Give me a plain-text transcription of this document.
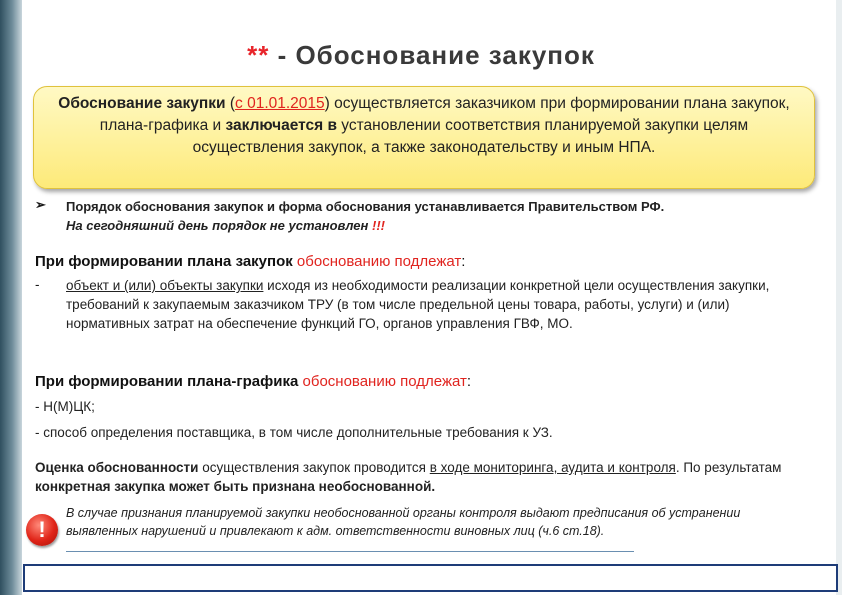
** - Обоснование закупок
Обоснование закупки (с 01.01.2015) осуществляется заказчиком при формировании плана закупок, плана-графика и заключается в установлении соответствия планируемой закупки целям осуществления закупок, а также законодательству и иным НПА.
➢ Порядок обоснования закупок и форма обоснования устанавливается Правительством РФ.
На сегодняшний день порядок не установлен !!!
При формировании плана закупок обоснованию подлежат:
- объект и (или) объекты закупки исходя из необходимости реализации конкретной цели осуществления закупки, требований к закупаемым заказчиком ТРУ (в том числе предельной цены товара, работы, услуги) и (или) нормативных затрат на обеспечение функций ГО, органов управления ГВФ, МО.
При формировании плана-графика обоснованию подлежат:
- Н(М)ЦК;
- способ определения поставщика, в том числе дополнительные требования к УЗ.
Оценка обоснованности осуществления закупок проводится в ходе мониторинга, аудита и контроля. По результатам конкретная закупка может быть признана необоснованной.
!
В случае признания планируемой закупки необоснованной органы контроля выдают предписания об устранении выявленных нарушений и привлекают к адм. ответственности виновных лиц (ч.6 ст.18).
